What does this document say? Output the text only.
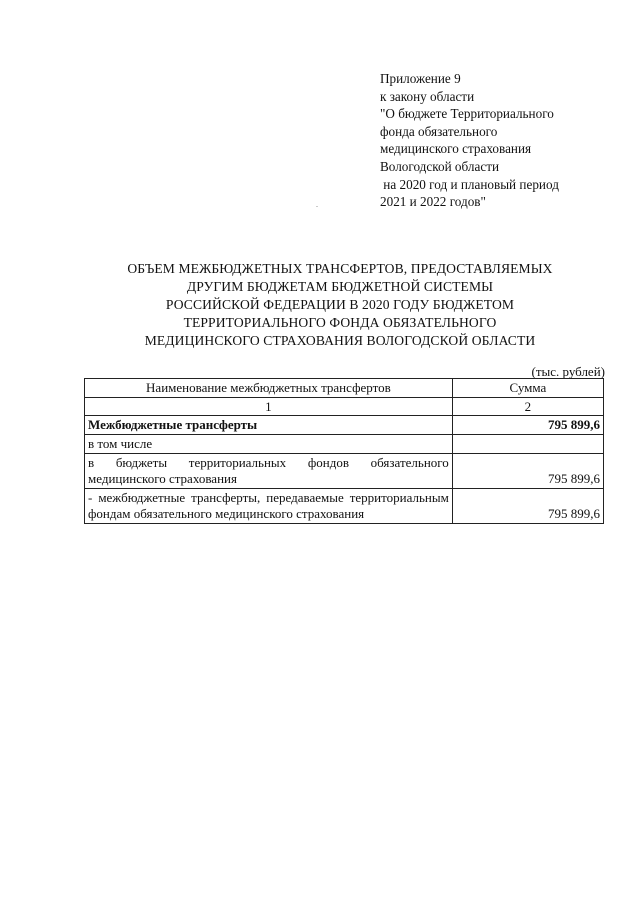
Приложение 9
к закону области
"О бюджете Территориального
фонда обязательного
медицинского страхования
Вологодской области
на 2020 год и плановый период
2021 и 2022 годов"
.
ОБЪЕМ МЕЖБЮДЖЕТНЫХ ТРАНСФЕРТОВ, ПРЕДОСТАВЛЯЕМЫХ
ДРУГИМ БЮДЖЕТАМ БЮДЖЕТНОЙ СИСТЕМЫ
РОССИЙСКОЙ ФЕДЕРАЦИИ В 2020 ГОДУ БЮДЖЕТОМ
ТЕРРИТОРИАЛЬНОГО ФОНДА ОБЯЗАТЕЛЬНОГО
МЕДИЦИНСКОГО СТРАХОВАНИЯ ВОЛОГОДСКОЙ ОБЛАСТИ
(тыс. рублей)
Наименование межбюджетных трансфертов	Сумма
1	2
Межбюджетные трансферты	795 899,6
в том числе	
в бюджеты территориальных фондов обязательного медицинского страхования	795 899,6
- межбюджетные трансферты, передаваемые территориальным фондам обязательного медицинского страхования	795 899,6
